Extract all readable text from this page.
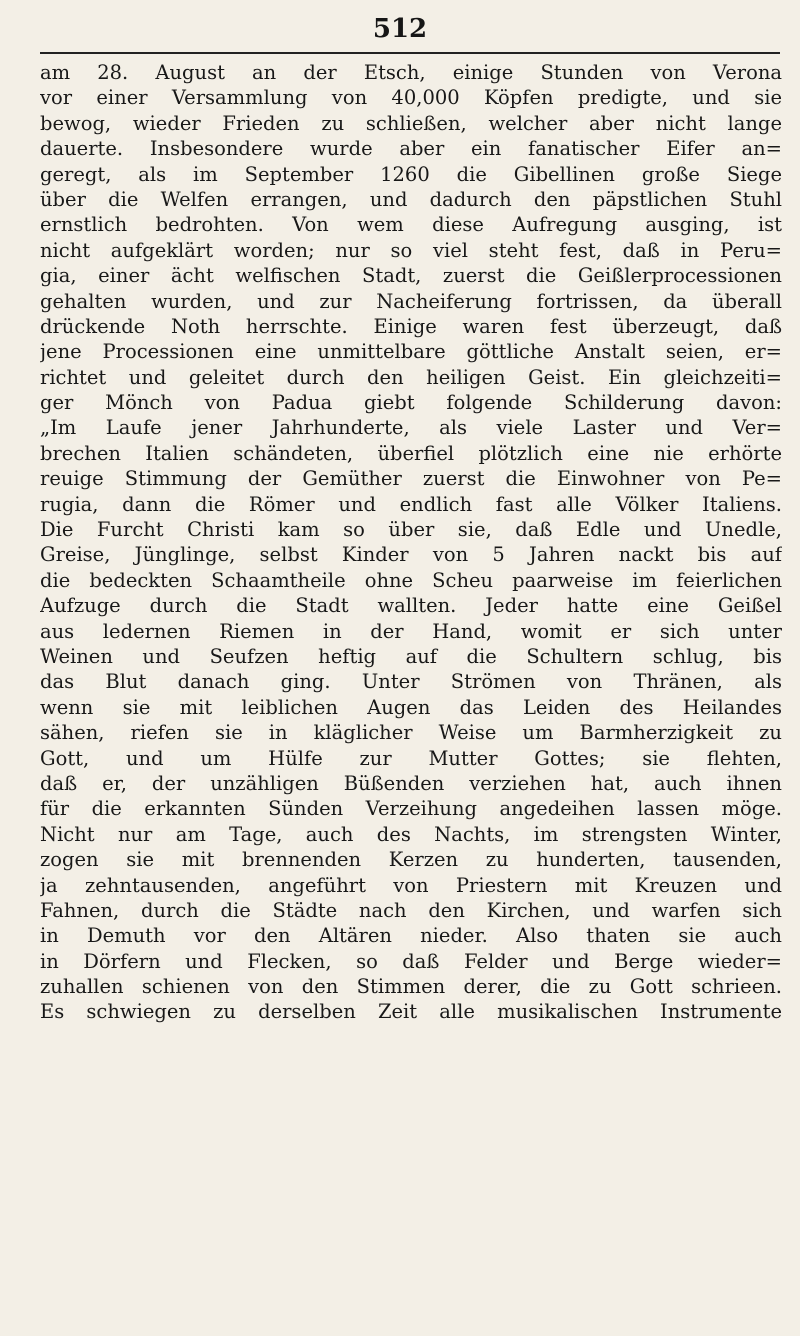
512
am 28. August an der Etsch, einige Stunden von Verona
vor einer Versammlung von 40,000 Köpfen predigte, und sie
bewog, wieder Frieden zu schließen, welcher aber nicht lange
dauerte. Insbesondere wurde aber ein fanatischer Eifer an=
geregt, als im September 1260 die Gibellinen große Siege
über die Welfen errangen, und dadurch den päpstlichen Stuhl
ernstlich bedrohten. Von wem diese Aufregung ausging, ist
nicht aufgeklärt worden; nur so viel steht fest, daß in Peru=
gia, einer ächt welfischen Stadt, zuerst die Geißlerprocessionen
gehalten wurden, und zur Nacheiferung fortrissen, da überall
drückende Noth herrschte. Einige waren fest überzeugt, daß
jene Processionen eine unmittelbare göttliche Anstalt seien, er=
richtet und geleitet durch den heiligen Geist. Ein gleichzeiti=
ger Mönch von Padua giebt folgende Schilderung davon:
„Im Laufe jener Jahrhunderte, als viele Laster und Ver=
brechen Italien schändeten, überfiel plötzlich eine nie erhörte
reuige Stimmung der Gemüther zuerst die Einwohner von Pe=
rugia, dann die Römer und endlich fast alle Völker Italiens.
Die Furcht Christi kam so über sie, daß Edle und Unedle,
Greise, Jünglinge, selbst Kinder von 5 Jahren nackt bis auf
die bedeckten Schaamtheile ohne Scheu paarweise im feierlichen
Aufzuge durch die Stadt wallten. Jeder hatte eine Geißel
aus ledernen Riemen in der Hand, womit er sich unter
Weinen und Seufzen heftig auf die Schultern schlug, bis
das Blut danach ging. Unter Strömen von Thränen, als
wenn sie mit leiblichen Augen das Leiden des Heilandes
sähen, riefen sie in kläglicher Weise um Barmherzigkeit zu
Gott, und um Hülfe zur Mutter Gottes; sie flehten,
daß er, der unzähligen Büßenden verziehen hat, auch ihnen
für die erkannten Sünden Verzeihung angedeihen lassen möge.
Nicht nur am Tage, auch des Nachts, im strengsten Winter,
zogen sie mit brennenden Kerzen zu hunderten, tausenden,
ja zehntausenden, angeführt von Priestern mit Kreuzen und
Fahnen, durch die Städte nach den Kirchen, und warfen sich
in Demuth vor den Altären nieder. Also thaten sie auch
in Dörfern und Flecken, so daß Felder und Berge wieder=
zuhallen schienen von den Stimmen derer, die zu Gott schrieen.
Es schwiegen zu derselben Zeit alle musikalischen Instrumente
